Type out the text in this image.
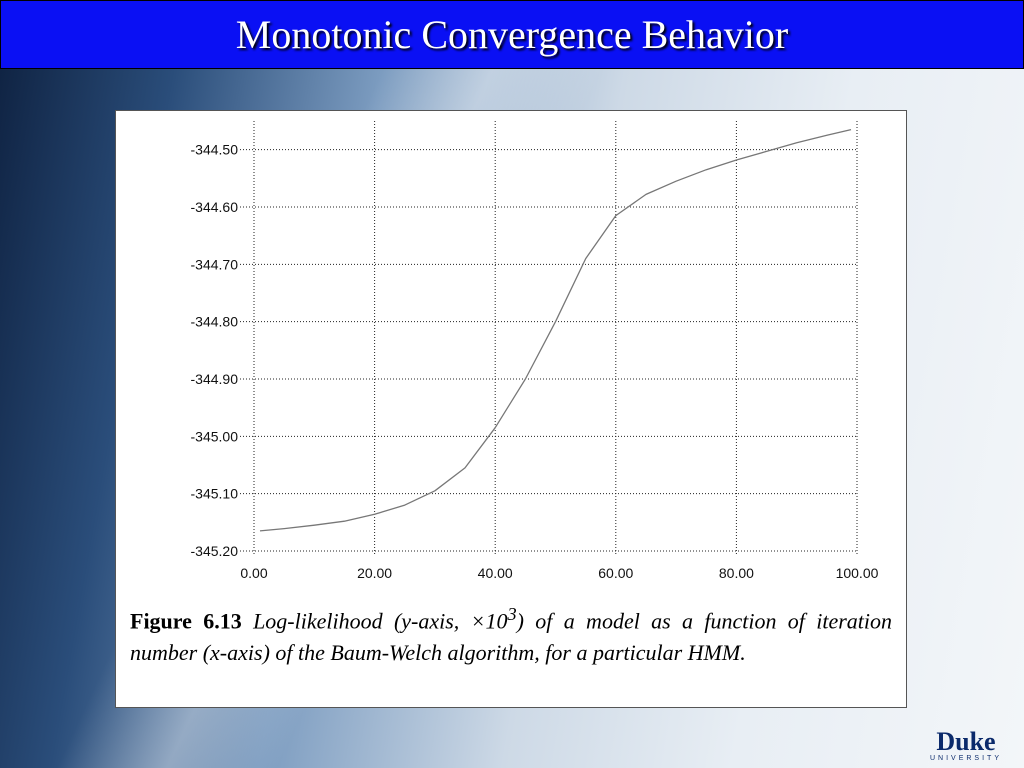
Monotonic Convergence Behavior
-344.50
-344.60
-344.70
-344.80
-344.90
-345.00
-345.10
-345.20
0.00	20.00	40.00	60.00	80.00	100.00
Figure 6.13 Log-likelihood (y-axis, $\times 10^3$) of a model as a function of iteration number (x-axis) of the Baum-Welch algorithm, for a particular HMM.
Duke
UNIVERSITY
